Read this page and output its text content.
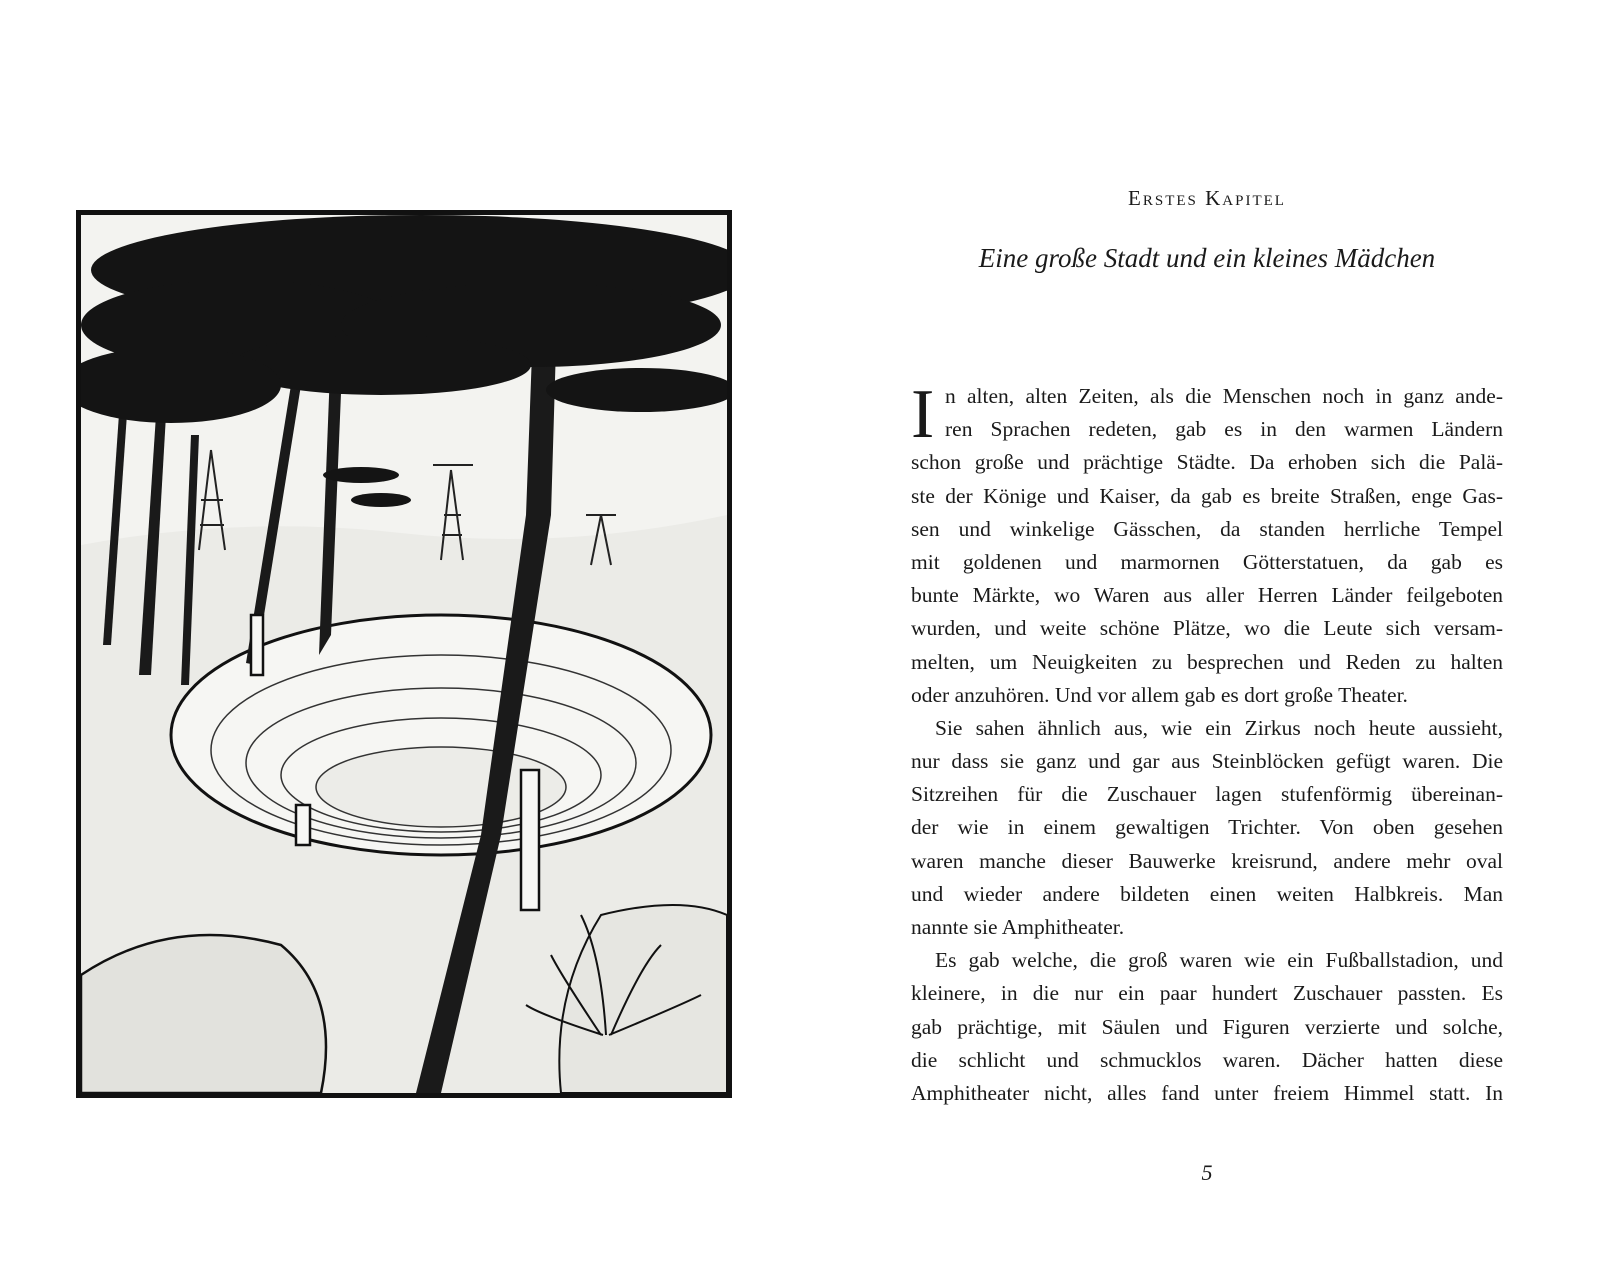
Erstes Kapitel
Eine große Stadt und ein kleines Mädchen
I n alten, alten Zeiten, als die Menschen noch in ganz ande-
ren Sprachen redeten, gab es in den warmen Ländern
schon große und prächtige Städte. Da erhoben sich die Palä-
ste der Könige und Kaiser, da gab es breite Straßen, enge Gas-
sen und winkelige Gässchen, da standen herrliche Tempel
mit goldenen und marmornen Götterstatuen, da gab es
bunte Märkte, wo Waren aus aller Herren Länder feilgeboten
wurden, und weite schöne Plätze, wo die Leute sich versam-
melten, um Neuigkeiten zu besprechen und Reden zu halten
oder anzuhören. Und vor allem gab es dort große Theater.
Sie sahen ähnlich aus, wie ein Zirkus noch heute aussieht,
nur dass sie ganz und gar aus Steinblöcken gefügt waren. Die
Sitzreihen für die Zuschauer lagen stufenförmig übereinan-
der wie in einem gewaltigen Trichter. Von oben gesehen
waren manche dieser Bauwerke kreisrund, andere mehr oval
und wieder andere bildeten einen weiten Halbkreis. Man
nannte sie Amphitheater.
Es gab welche, die groß waren wie ein Fußballstadion, und
kleinere, in die nur ein paar hundert Zuschauer passten. Es
gab prächtige, mit Säulen und Figuren verzierte und solche,
die schlicht und schmucklos waren. Dächer hatten diese
Amphitheater nicht, alles fand unter freiem Himmel statt. In
5
